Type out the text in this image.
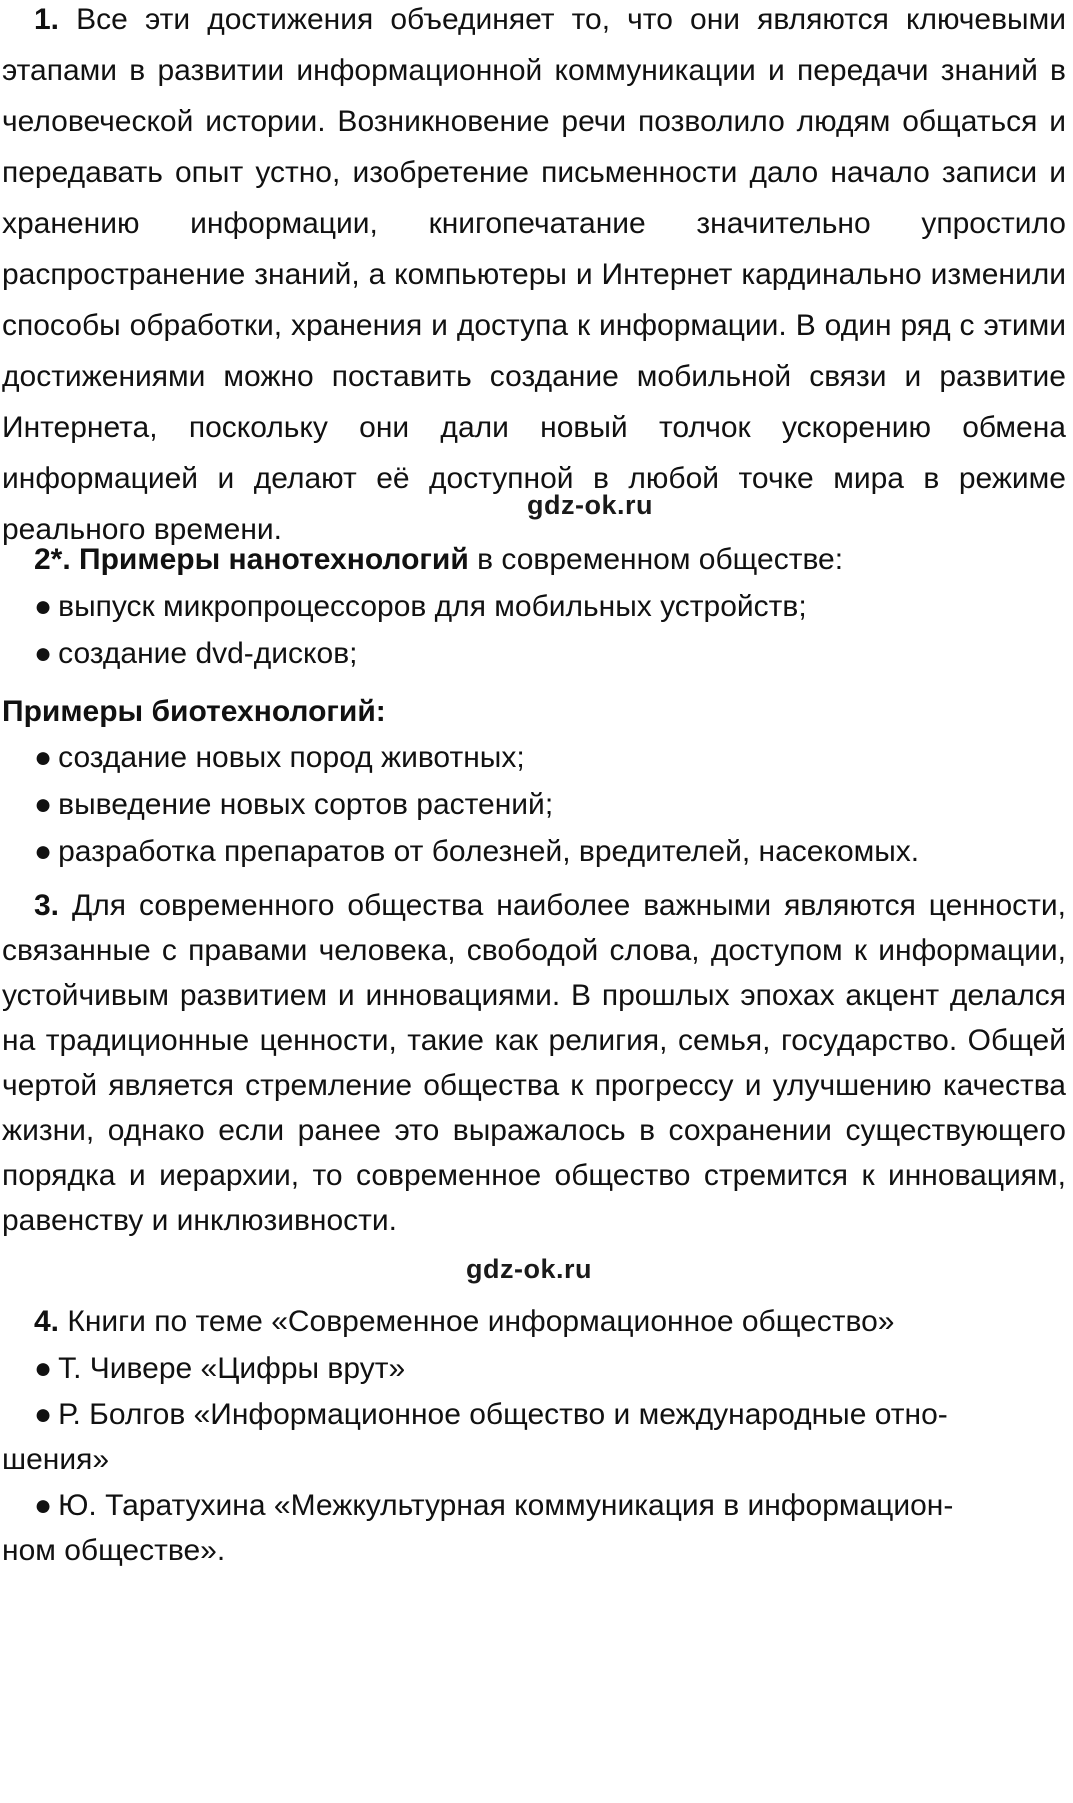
1. Все эти достижения объединяет то, что они являются ключевыми этапами в развитии информационной коммуникации и передачи знаний в человеческой истории. Возникновение речи позволило людям общаться и передавать опыт устно, изобретение письменности дало начало записи и хранению информации, книгопечатание значительно упростило распространение знаний, а компьютеры и Интернет кардинально изменили способы обработки, хранения и доступа к информации. В один ряд с этими достижениями можно поставить создание мобильной связи и развитие Интернета, поскольку они дали новый толчок ускорению обмена информацией и делают её доступной в любой точке мира в режиме реального времени.

gdz-ok.ru
2*. Примеры нанотехнологий в современном обществе:
● выпуск микропроцессоров для мобильных устройств;
● создание dvd-дисков;
Примеры биотехнологий:
● создание новых пород животных;
● выведение новых сортов растений;
● разработка препаратов от болезней, вредителей, насекомых.

3. Для современного общества наиболее важными являются ценности, связанные с правами человека, свободой слова, доступом к информации, устойчивым развитием и инновациями. В прошлых эпохах акцент делался на традиционные ценности, такие как религия, семья, государство. Общей чертой является стремление общества к прогрессу и улучшению качества жизни, однако если ранее это выражалось в сохранении существующего порядка и иерархии, то современное общество стремится к инновациям, равенству и инклюзивности.

gdz-ok.ru
4. Книги по теме «Современное информационное общество»
● Т. Чивере «Цифры врут»
● Р. Болгов «Информационное общество и международные отно-
шения»
● Ю. Таратухина «Межкультурная коммуникация в информацион-
ном обществе».
